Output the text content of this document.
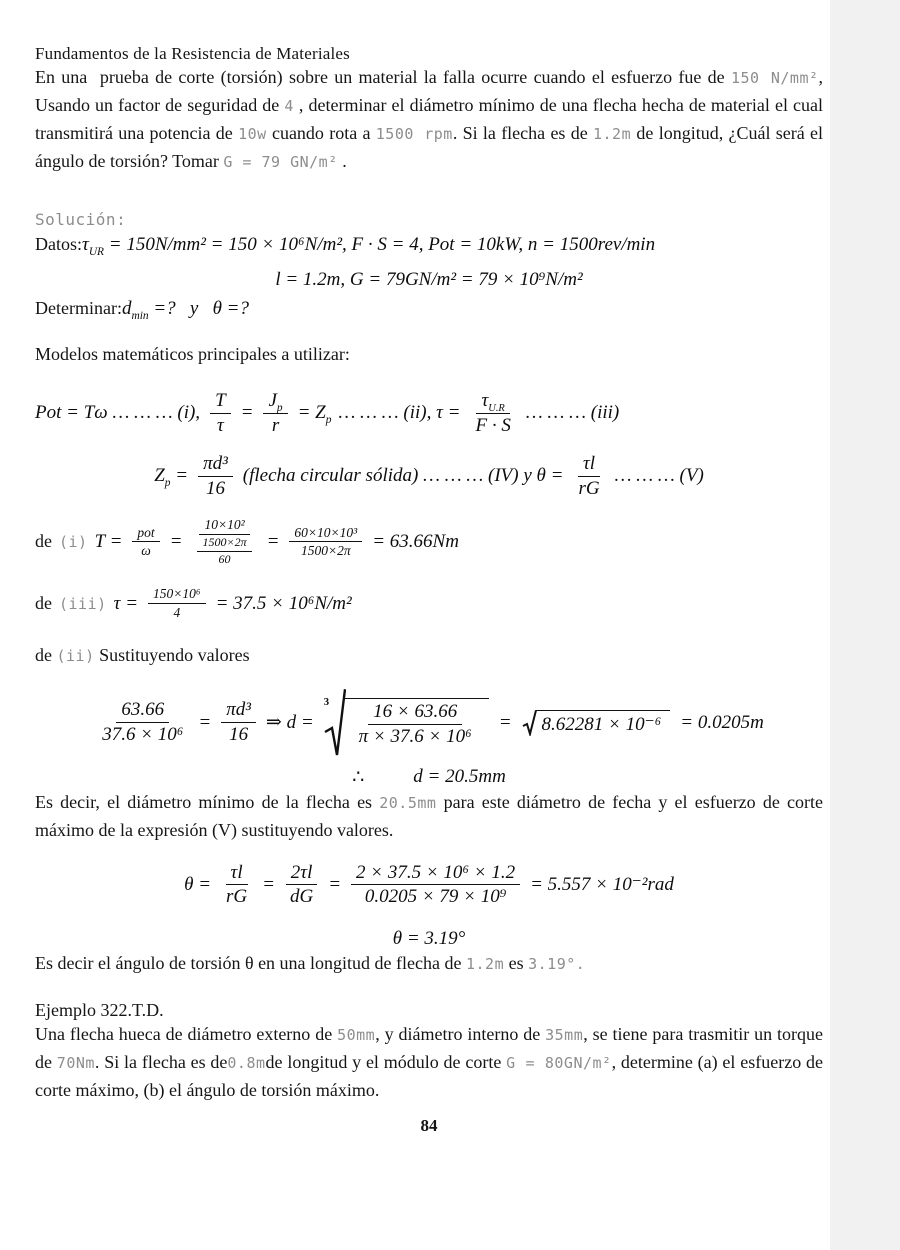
Fundamentos de la Resistencia de Materiales

En una  prueba de corte (torsión) sobre un material la falla ocurre cuando el esfuerzo fue de 150 N/mm², Usando un factor de seguridad de 4 , determinar el diámetro mínimo de una flecha hecha de material el cual transmitirá una potencia de 10w cuando rota a 1500 rpm. Si la flecha es de 1.2m de longitud, ¿Cuál será el ángulo de torsión? Tomar G = 79 GN/m² .

Solución:
$Datos:\tau_{UR} = 150N/mm^2 = 150 \times 10^6N/m^2$, F · S = 4, Pot = 10kW, n = 1500rev/min
l = 1.2m, G = 79GN/m² = 79 × 10⁹N/m²
$Determinar:d_{min}$ =?   y   θ =?
Modelos matemáticos principales a utilizar:
Pot = Tω … … … (i), $\frac{T}{\tau} = \frac{J_p}{r} = Z_p$ … … … (ii), $\tau = \frac{\tau_{U.R}}{F \cdot S}$ … … … (iii)
$Z_p = \frac{\text{πd³}}{16}$ (flecha circular sólida) … … … (IV) y $\theta = \frac{\tau l}{rG}$ … … … (V)
de (i) $T = \frac{\text{pot}}{\omega} = \frac{\text{10×10²}}{\frac{1500\times 2\pi}{60}} = \frac{\text{60×10×10³}}{1500\times 2\pi} = 63.66Nm$
de (iii) $\tau = \frac{\text{150×10⁶}}{4} = 37.5 \times 10^6N/m^2$
de (ii) Sustituyendo valores
$\frac{63.66}{\text{37.6 × 10⁶}} = \frac{\text{πd³}}{16}$ ⇒ d =
$3 \frac{16 \times 63.66}{\text{π × 37.6 × 10⁶}}$ =	8.62281 × 10⁻⁶	= 0.0205m
∴	d = 20.5mm

Es decir, el diámetro mínimo de la flecha es 20.5mm para este diámetro de fecha y el esfuerzo de corte máximo de la expresión (V) sustituyendo valores.

$\theta = \frac{\tau l}{rG} = \frac{2\tau l}{dG} = \frac{\text{2 × 37.5 × 10⁶ × 1.2}}{\text{0.0205 × 79 × 10⁹}} = 5.557 \times 10^{-2}rad$
θ = 3.19°

Es decir el ángulo de torsión θ en una longitud de flecha de 1.2m es 3.19°.

Ejemplo 322.T.D.

Una flecha hueca de diámetro externo de 50mm, y diámetro interno de 35mm, se tiene para trasmitir un torque de 70Nm. Si la flecha es de0.8mde longitud y el módulo de corte G = 80GN/m², determine (a) el esfuerzo de corte máximo, (b) el ángulo de torsión máximo.

84
